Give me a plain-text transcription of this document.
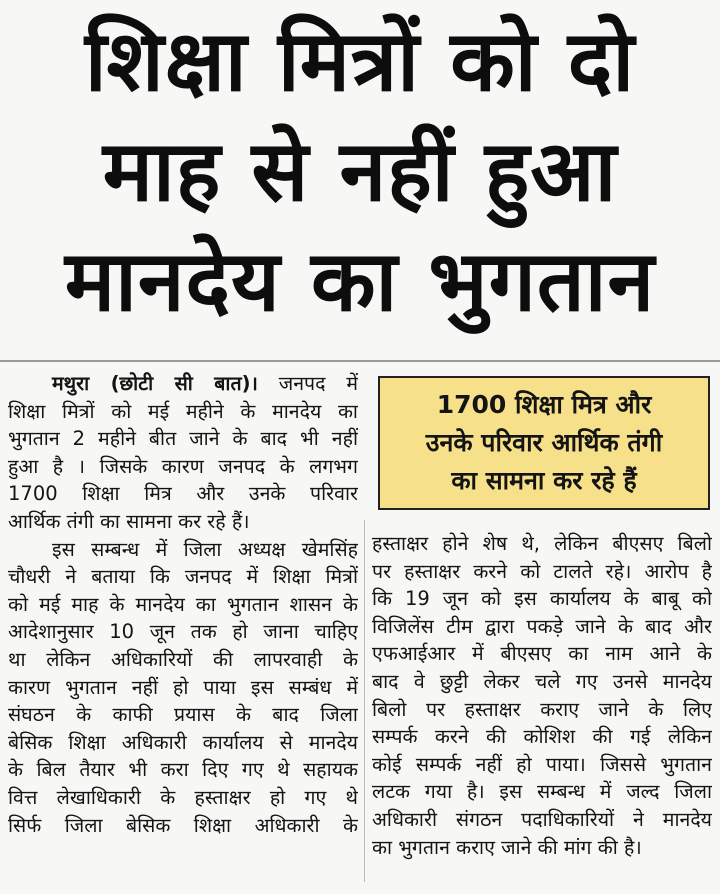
शिक्षा मित्रों को दो
माह से नहीं हुआ
मानदेय का भुगतान
मथुरा (छोटी सी बात)। जनपद में
शिक्षा मित्रों को मई महीने के मानदेय का
भुगतान 2 महीने बीत जाने के बाद भी नहीं
हुआ है । जिसके कारण जनपद के लगभग
1700 शिक्षा मित्र और उनके परिवार
आर्थिक तंगी का सामना कर रहे हैं।
इस सम्बन्ध में जिला अध्यक्ष खेमसिंह
चौधरी ने बताया कि जनपद में शिक्षा मित्रों
को मई माह के मानदेय का भुगतान शासन के
आदेशानुसार 10 जून तक हो जाना चाहिए
था लेकिन अधिकारियों की लापरवाही के
कारण भुगतान नहीं हो पाया इस सम्बंध में
संघठन के काफी प्रयास के बाद जिला
बेसिक शिक्षा अधिकारी कार्यालय से मानदेय
के बिल तैयार भी करा दिए गए थे सहायक
वित्त लेखाधिकारी के हस्ताक्षर हो गए थे
सिर्फ जिला बेसिक शिक्षा अधिकारी के
1700 शिक्षा मित्र और
उनके परिवार आर्थिक तंगी
का सामना कर रहे हैं
हस्ताक्षर होने शेष थे, लेकिन बीएसए बिलो
पर हस्ताक्षर करने को टालते रहे। आरोप है
कि 19 जून को इस कार्यालय के बाबू को
विजिलेंस टीम द्वारा पकड़े जाने के बाद और
एफआईआर में बीएसए का नाम आने के
बाद वे छुट्टी लेकर चले गए उनसे मानदेय
बिलो पर हस्ताक्षर कराए जाने के लिए
सम्पर्क करने की कोशिश की गई लेकिन
कोई सम्पर्क नहीं हो पाया। जिससे भुगतान
लटक गया है। इस सम्बन्ध में जल्द जिला
अधिकारी संगठन पदाधिकारियों ने मानदेय
का भुगतान कराए जाने की मांग की है।
